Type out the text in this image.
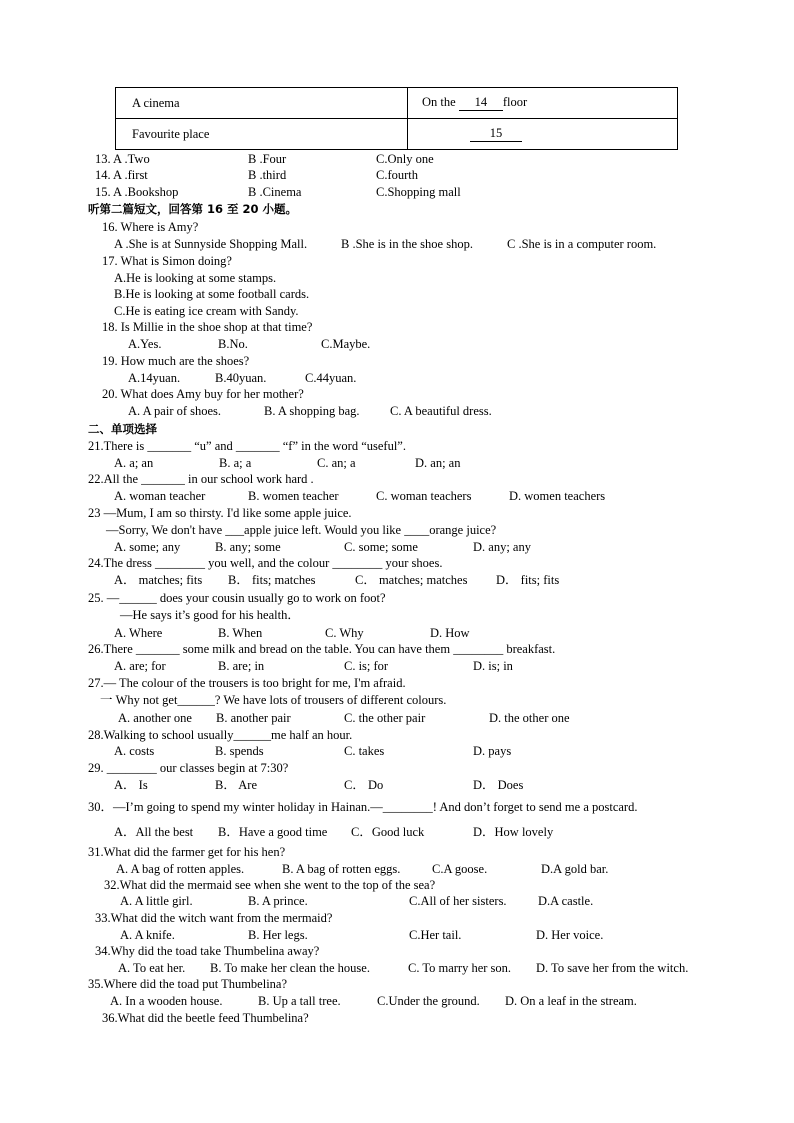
A cinema	On the 14 floor
Favourite place	15
13. A .Two	B .Four	C.Only one
14. A .first	B .third	C.fourth
15. A .Bookshop	B .Cinema	C.Shopping mall
听第二篇短文，回答第 16 至 20 小题。
16. Where is Amy?
A .She is at Sunnyside Shopping Mall.	B .She is in the shoe shop.	C .She is in a computer room.
17. What is Simon doing?
A.He is looking at some stamps.
B.He is looking at some football cards.
C.He is eating ice cream with Sandy.
18. Is Millie in the shoe shop at that time?
A.Yes.	B.No.	C.Maybe.
19. How much are the shoes?
A.14yuan.	B.40yuan.	C.44yuan.
20. What does Amy buy for her mother?
A. A pair of shoes.	B. A shopping bag. C. A beautiful dress.
二、单项选择
21.There is _______ “u” and _______ “f” in the word “useful”.
A. a; an	B. a; a	C. an; a	D. an; an
22.All the _______ in our school work hard .
A. woman teacher	B. women teacher	C. woman teachers	D. women teachers
23 —Mum, I am so thirsty. I'd like some apple juice.
—Sorry, We don't have ___apple juice left. Would you like ____orange juice?
A. some; any	B. any; some	C. some; some	D. any; any
24.The dress ________ you well, and the colour ________ your shoes.
A． matches; fits B． fits; matches	C． matches; matches D． fits; fits
25. —______ does your cousin usually go to work on foot?
—He says it’s good for his health．
A. Where	B. When	C. Why	D. How
26.There _______ some milk and bread on the table. You can have them ________ breakfast.
A. are; for	B. are; in	C. is; for	D. is; in
27.— The colour of the trousers is too bright for me, I'm afraid.
一 Why not get______? We have lots of trousers of different colours.
A. another one B. another pair	C. the other pair	D. the other one
28.Walking to school usually______me half an hour.
A. costs	B. spends	C. takes	D. pays
29. ________ our classes begin at 7:30?
A． Is	B． Are	C． Do	D． Does
30．—I’m going to spend my winter holiday in Hainan.—________! And don’t forget to send me a postcard.
A．All the best B．Have a good time C．Good luck	D．How lovely
31.What did the farmer get for his hen?
A. A bag of rotten apples.	B. A bag of rotten eggs.	C.A goose.	D.A gold bar.
32.What did the mermaid see when she went to the top of the sea?
A. A little girl.	B. A prince.	C.All of her sisters.	D.A castle.
33.What did the witch want from the mermaid?
A. A knife.	B. Her legs.	C.Her tail.	D. Her voice.
34.Why did the toad take Thumbelina away?
A. To eat her. B. To make her clean the house.	C. To marry her son. D. To save her from the witch.
35.Where did the toad put Thumbelina?
A. In a wooden house.	B. Up a tall tree.	C.Under the ground. D. On a leaf in the stream.
36.What did the beetle feed Thumbelina?
